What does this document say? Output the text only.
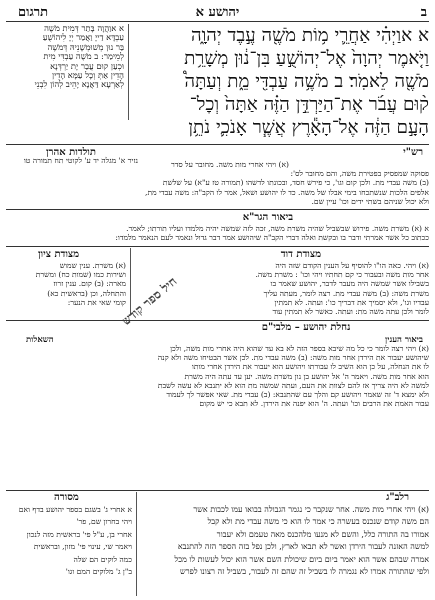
ב
יהושע א
תרגום
א אוַיְהִ֗י אַחֲרֵ֛י מ֥וֹת מֹשֶׁ֖ה עֶ֣בֶד יְהוָ֑ה
וַיֹּ֤אמֶר יְהוָה֙ אֶל־יְהוֹשֻׁ֣עַ בִּן־נ֔וּן מְשָׁרֵ֥ת
מֹשֶׁ֖ה לֵאמֹֽר׃ ב מֹשֶׁ֥ה עַבְדִּ֖י מֵ֑ת וְעַתָּה֩
ק֨וּם עֲבֹ֜ר אֶת־הַיַּרְדֵּ֣ן הַזֶּ֗ה אַתָּה֙ וְכׇל־
הָעָ֣ם הַזֶּ֔ה אֶל־הָאָ֕רֶץ אֲשֶׁ֧ר אָנֹכִ֛י נֹתֵ֥ן
א אוַהֲוָה בָּתַר דְּמִית מֹשֶׁה
עַבְדָּא דַייָ וַאֲמַר יְיָ לִיהוֹשֻׁעַ
בַּר נוּן מְשׁוּמְשָׁנֵיהּ דְּמֹשֶׁה
לְמֵימַר: ב מֹשֶׁה עַבְדִּי מִית
וּכְעַן קוּם עֲבַר יָת יַרְדְּנָא
הָדֵין אַתְּ וְכָל עַמָּא הָדֵין
לְאַרְעָא דַּאֲנָא יָהֵיב לְהוֹן לִבְנֵי
רש"י
תולדות אהרן
נזיר א' מגלה יד ע' לקוטי תח תמורה טו	(א) ויהי אחרי מות משה. מחובר על סדר
פסוקה שמפסיק בפטירת משה, והם מחובר לס':
(ב) משה עבדי מת. ולכן קום וגו', כי פירש חסד, ובכונתו לדשהו (תמורה טז ע"א) על שלשת
אלפים הלכות שנשתכחו בימי אבלו של משה. כד לו יהושע ושאל, אמר לו הקב"ה: משה עבדי מת,
ולא יכול שניהם בשתי ידים וכו' עיין שם.
ביאור הגר"א
א (א) משרת משה. פירוש שבשביל שהיה משרת משה, זכה לזה שמשה יהיה מלמדו ועליו תורתו; לאמר.
ככתוב כל אשר אמרתי ודבר בו ובקשת ואלה דברי הקב"ה שיהושע אמר דבר גדול ונאמר לעם הנאמר מלמדו:
מצודת ציון	מצודת דוד
(א) משרת. ענין שמוש
ושירות כמו (שמות כח) ומשרת
מארה: (ב) קום. ענין זרוז
והתחלה, וכן (בראשית כא)
קומי שאי את הנער:
(א) ויהי. כאה הו"ו להוסיף על הענין הקודם שזה היה
אחר מות משה ובעבור כי קם תחתיו ויהי וכו' : משרת משה.
בשבילו אשר שמשה היה מעבר לדבר, יהושע שאמר בו
משרת משה: (ב) משה עבדי מת. רצה לומר, מעתה עליך
עבדיו וגו', ולא יסמיך את דבריך כו': ועתה. לא תמתין
לומר ולכן עתה משה מת: ועתה. כאשר לא תמתין עוד
חיל ספר קודש	נחלת יהושע – מלבי"ם
ביאור הענין
השאלות
(א) ויהי רצה לומר כי כל מה שיבא בספר הזה לא בא עד שהוא היה אחרי מות משה, ולכן
שיהושע יעבור את הירדן אחר מות משה: (ב) משה עבדי מת. לכן אשר הבטיחו משה ולא קנה
לו את הנחלה, על כן הוא השיב לו עבורתו ויהושע הוא יעבור את הירדן אחרי מותו
הוא אחר מות משה. ויאמר ה' אל יהושע בן נון משרת משה. יען עד עתה היה משרת
למשה לא היה צריך אז להם לצוות את העם, ועתה שמשה מת הוא לא יתנבא לא עשה לשבת
ולא ימצא ד' זה שאמר ויהושע קם והלך עם שהתנבא: (ב) עבדי מת. שאי אפשר לך לעמוד
עבור האמת את הרבים וכו' ועתה. ה' הוא יפנה את הירדן. לא תבא כי יש מקום
רלב"ג
מסורה
(א) ויהי אחרי מות משה. אחר שנקבר כי נגמר הגבולה בבואו עמו לכבות אשר
הם משה קודם שנכנס בעשרה כי אמר לו הוא כי משה עבדי מת ולא קבל
אמורו בה התורה כלל, והשם לא מנעו מלהכנס מאה טעמם ולא יעבור
למשה האזנה לעבור הירדן ואשר לא תבאו לארץ, ולכן נפל בזה הספר הזה להתנבא
אמרה שבהם אשר הוא יאמר ביום ביום שיכולת השם אשר הוא יכול לעשות לו מכל
ולפי שהתורה אמרו לא נגמרה לו בשביל זה שהם זה לעבור, בשביל זה רצונו לפרש
א אחרי ג' בשגם בספר יהושע בדף ואם
ויהי בחרון שם, פר'
אחרי בן, ע"ל פי' בראשית מזה לנכון
ויאמר שי, עינוי פי' מזון, ובראשית
כמה לוקים הם שלה
ב"ן ג' מלוקים המם וגו'
